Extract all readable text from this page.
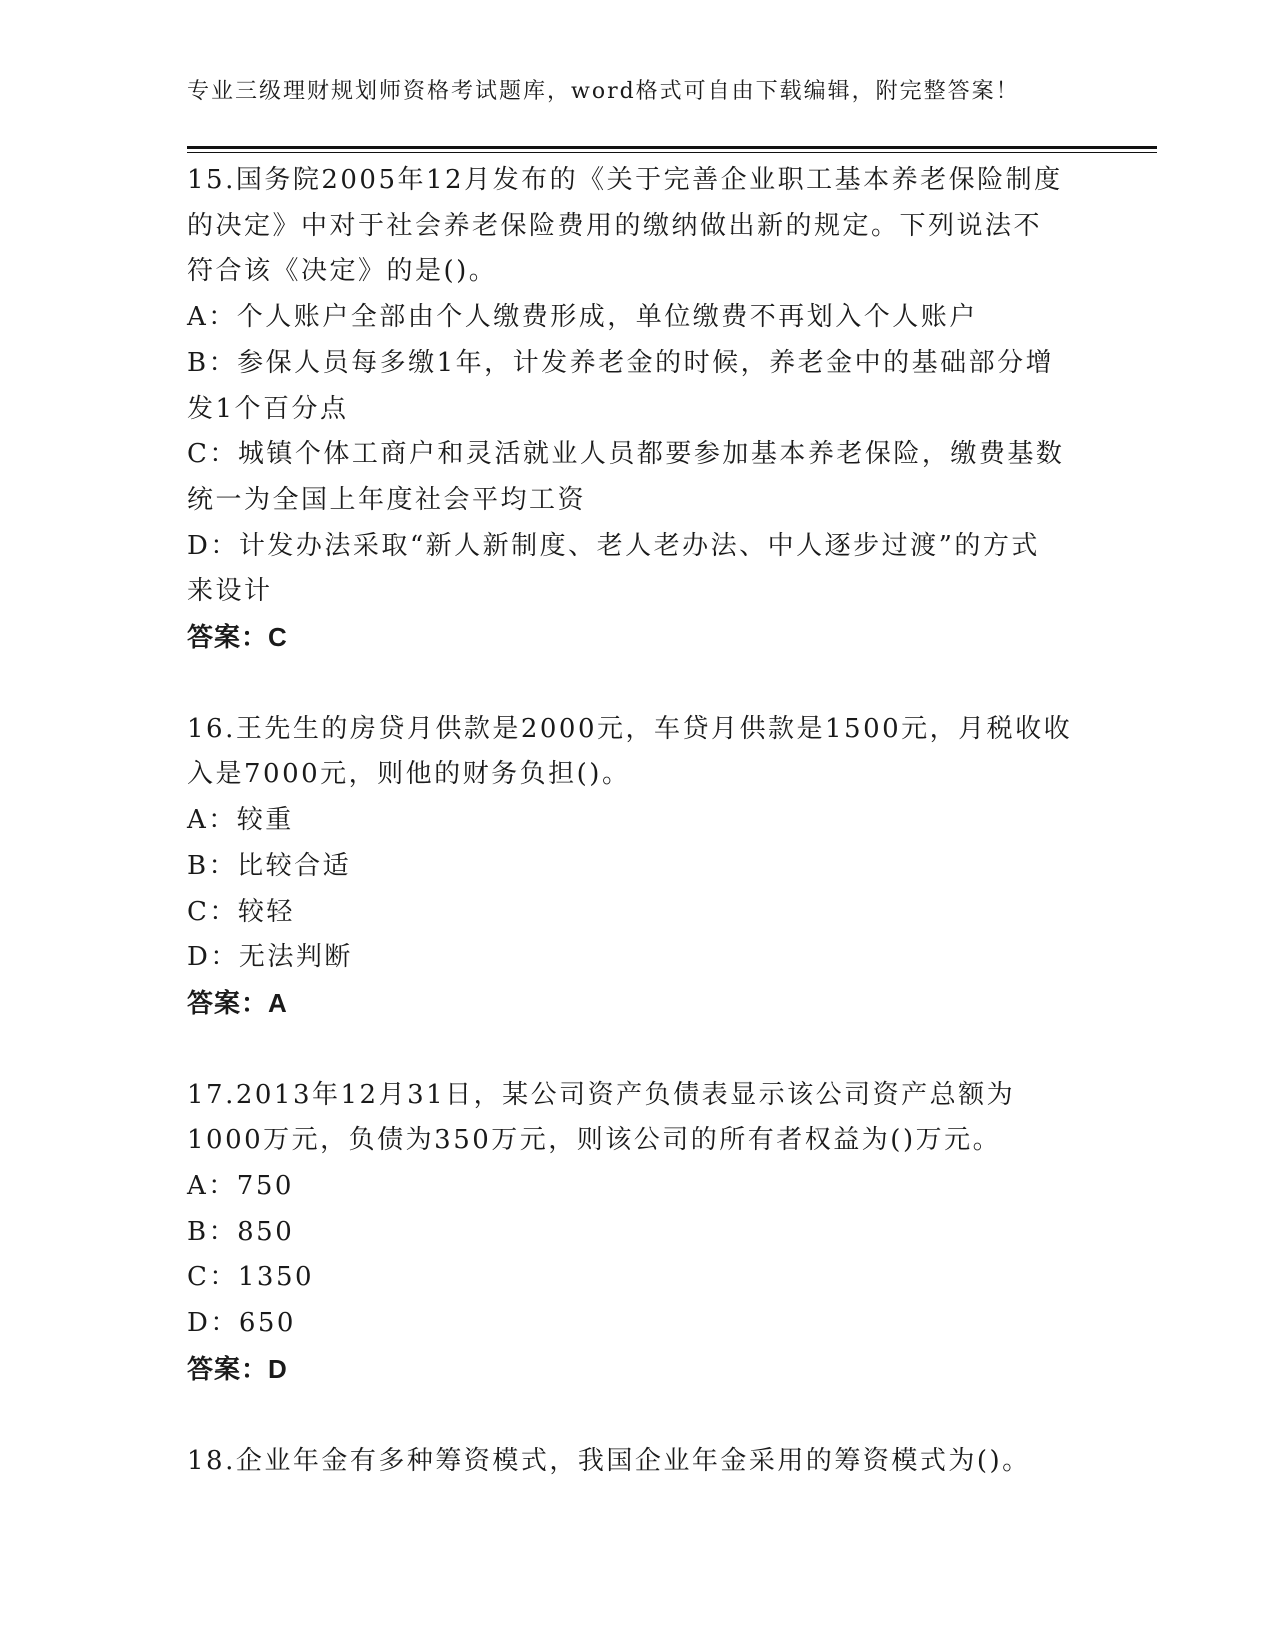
专业三级理财规划师资格考试题库，word格式可自由下载编辑，附完整答案！
15.国务院2005年12月发布的《关于完善企业职工基本养老保险制度
的决定》中对于社会养老保险费用的缴纳做出新的规定。下列说法不
符合该《决定》的是()。
A：个人账户全部由个人缴费形成，单位缴费不再划入个人账户
B：参保人员每多缴1年，计发养老金的时候，养老金中的基础部分增
发1个百分点
C：城镇个体工商户和灵活就业人员都要参加基本养老保险，缴费基数
统一为全国上年度社会平均工资
D：计发办法采取“新人新制度、老人老办法、中人逐步过渡”的方式
来设计
答案：C
16.王先生的房贷月供款是2000元，车贷月供款是1500元，月税收收
入是7000元，则他的财务负担()。
A：较重
B：比较合适
C：较轻
D：无法判断
答案：A
17.2013年12月31日，某公司资产负债表显示该公司资产总额为
1000万元，负债为350万元，则该公司的所有者权益为()万元。
A：750
B：850
C：1350
D：650
答案：D
18.企业年金有多种筹资模式，我国企业年金采用的筹资模式为()。
